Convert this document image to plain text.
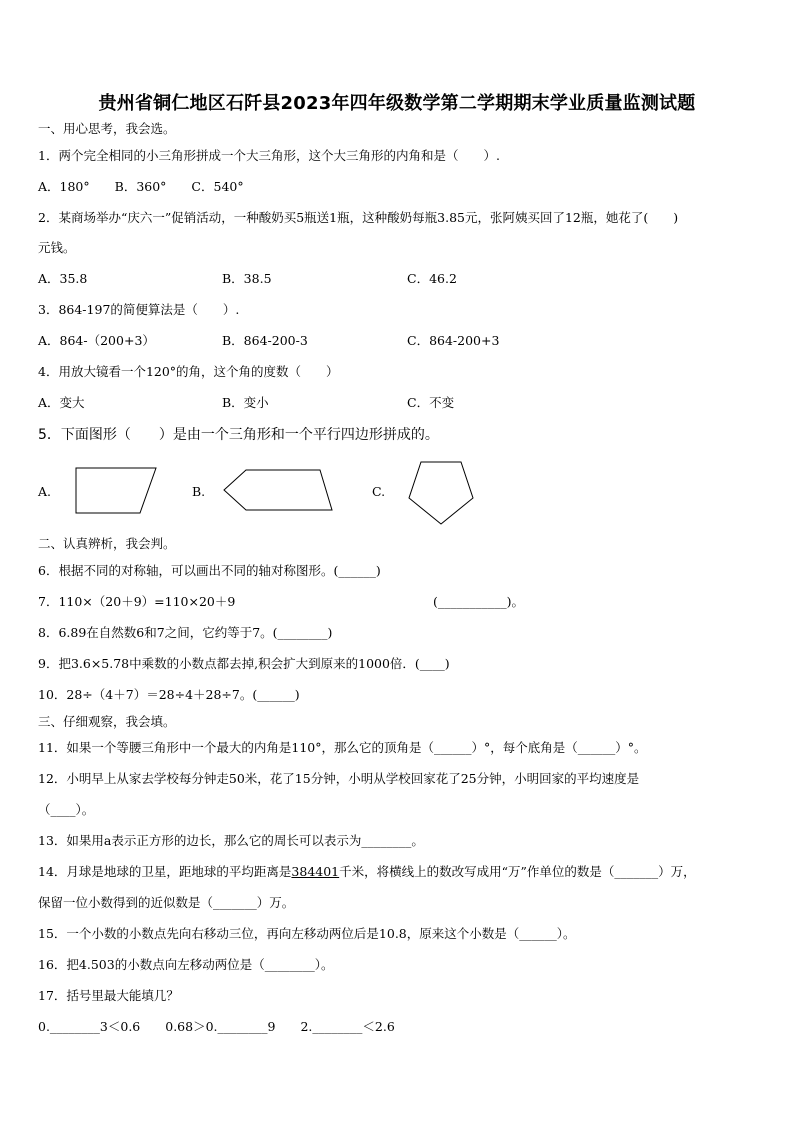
贵州省铜仁地区石阡县2023年四年级数学第二学期期末学业质量监测试题
一、用心思考，我会选。
1．两个完全相同的小三角形拼成一个大三角形，这个大三角形的内角和是（　　）.
A．180°　　B．360°　　C．540°
2．某商场举办“庆六一”促销活动，一种酸奶买5瓶送1瓶，这种酸奶每瓶3.85元，张阿姨买回了12瓶，她花了(　　)
元钱。
A．35.8	B．38.5	C．46.2
3．864-197的简便算法是（　　）.
A．864-（200+3）	B．864-200-3	C．864-200+3
4．用放大镜看一个120°的角，这个角的度数（　　）
A．变大	B．变小	C．不变
5．下面图形（　　）是由一个三角形和一个平行四边形拼成的。
A.	B.	C.
二、认真辨析，我会判。
6．根据不同的对称轴，可以画出不同的轴对称图形。(______)
7．110×（20＋9）=110×20＋9	(___________)。
8．6.89在自然数6和7之间，它约等于7。(________)
9．把3.6×5.78中乘数的小数点都去掉,积会扩大到原来的1000倍．(____)
10．28÷（4＋7）＝28÷4＋28÷7。(______)
三、仔细观察，我会填。
11．如果一个等腰三角形中一个最大的内角是110°，那么它的顶角是（______）°，每个底角是（______）°。
12．小明早上从家去学校每分钟走50米，花了15分钟，小明从学校回家花了25分钟，小明回家的平均速度是
（____）。
13．如果用a表示正方形的边长，那么它的周长可以表示为________。
14．月球是地球的卫星，距地球的平均距离是384401千米，将横线上的数改写成用“万”作单位的数是（_______）万，
保留一位小数得到的近似数是（_______）万。
15．一个小数的小数点先向右移动三位，再向左移动两位后是10.8，原来这个小数是（______）。
16．把4.503的小数点向左移动两位是（________）。
17．括号里最大能填几？
0.________3＜0.6　　0.68＞0.________9　　2.________＜2.6
